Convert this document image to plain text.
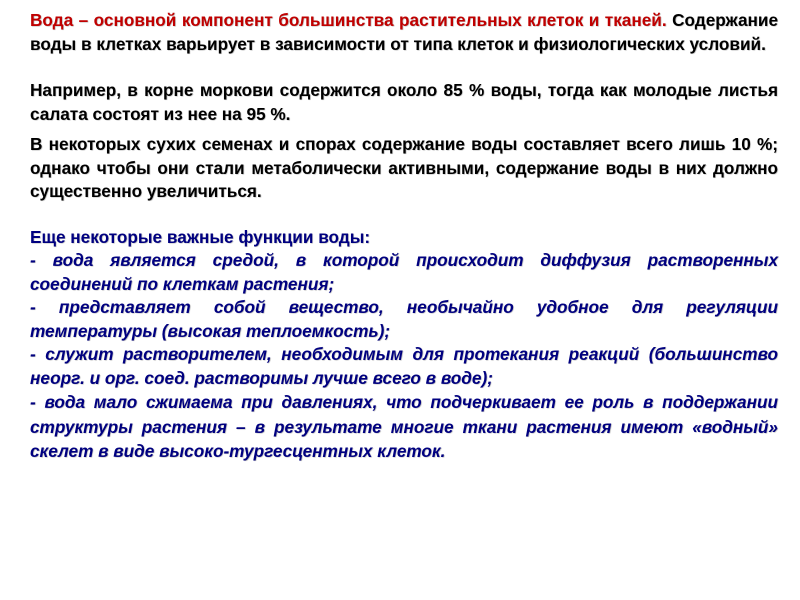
Вода – основной компонент большинства растительных клеток и тканей. Содержание воды в клетках варьирует в зависимости от типа клеток и физиологических условий.

Например, в корне моркови содержится около 85 % воды, тогда как молодые листья салата состоят из нее на 95 %.

В некоторых сухих семенах и спорах содержание воды составляет всего лишь 10 %; однако чтобы они стали метаболически активными, содержание воды в них должно существенно увеличиться.

Еще некоторые важные функции воды:

- вода является средой, в которой происходит диффузия растворенных соединений по клеткам растения;

- представляет собой вещество, необычайно удобное для регуляции температуры (высокая теплоемкость);

- служит растворителем, необходимым для протекания реакций (большинство неорг. и орг. соед. растворимы лучше всего в воде);

- вода мало сжимаема при давлениях, что подчеркивает ее роль в поддержании структуры растения – в результате многие ткани растения имеют «водный» скелет в виде высоко-тургесцентных клеток.
